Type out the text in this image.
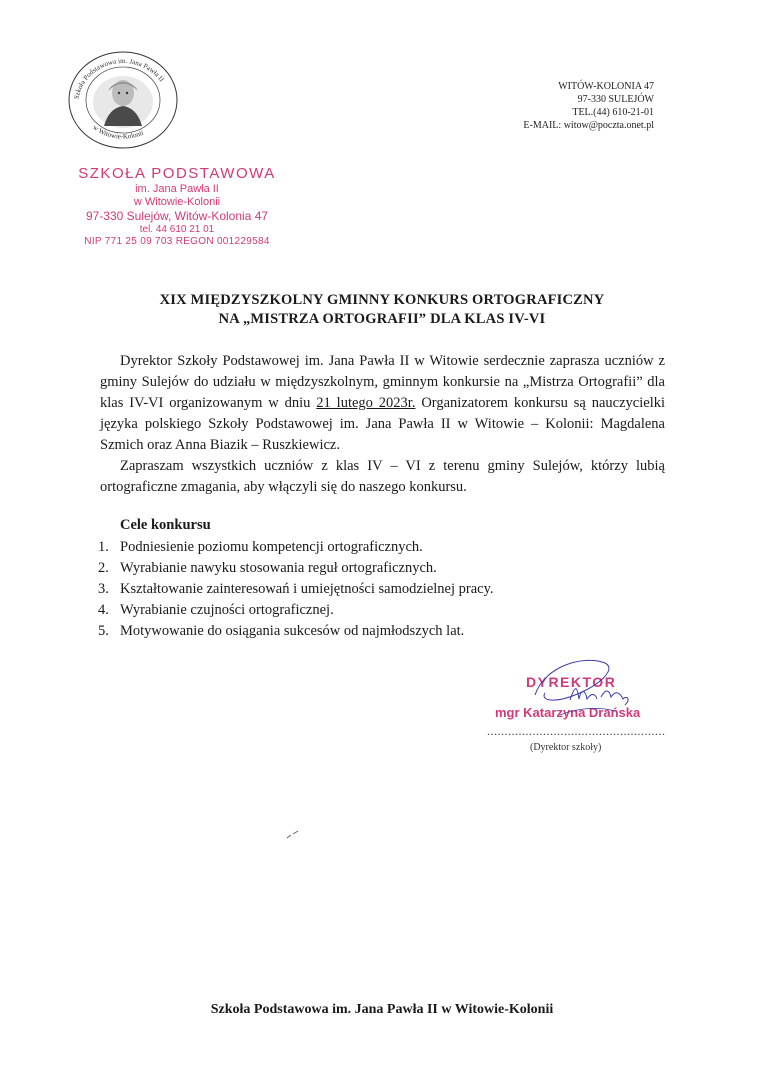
Szkoła Podstawowa im. Jana Pawła II
w Witowie-Kolonii
WITÓW-KOLONIA 47
97-330 SULEJÓW
TEL.(44) 610-21-01
E-MAIL: witow@poczta.onet.pl
SZKOŁA PODSTAWOWA
im. Jana Pawła II
w Witowie-Kolonii
97-330 Sulejów, Witów-Kolonia 47
tel. 44 610 21 01
NIP 771 25 09 703 REGON 001229584
XIX MIĘDZYSZKOLNY GMINNY KONKURS ORTOGRAFICZNY
NA „MISTRZA ORTOGRAFII” DLA KLAS IV-VI
Dyrektor Szkoły Podstawowej im. Jana Pawła II w Witowie serdecznie zaprasza uczniów z gminy Sulejów do udziału w międzyszkolnym, gminnym konkursie na „Mistrza Ortografii” dla klas IV-VI organizowanym w dniu 21 lutego 2023r. Organizatorem konkursu są nauczycielki języka polskiego Szkoły Podstawowej im. Jana Pawła II w Witowie – Kolonii: Magdalena Szmich oraz Anna Biazik – Ruszkiewicz.
Zapraszam wszystkich uczniów z klas IV – VI z terenu gminy Sulejów, którzy lubią ortograficzne zmagania, aby włączyli się do naszego konkursu.
Cele konkursu
1. Podniesienie poziomu kompetencji ortograficznych.
2. Wyrabianie nawyku stosowania reguł ortograficznych.
3. Kształtowanie zainteresowań i umiejętności samodzielnej pracy.
4. Wyrabianie czujności ortograficznej.
5. Motywowanie do osiągania sukcesów od najmłodszych lat.
DYREKTOR
mgr Katarzyna Drańska
...................................................
(Dyrektor szkoły)
Szkoła Podstawowa im. Jana Pawła II w Witowie-Kolonii
